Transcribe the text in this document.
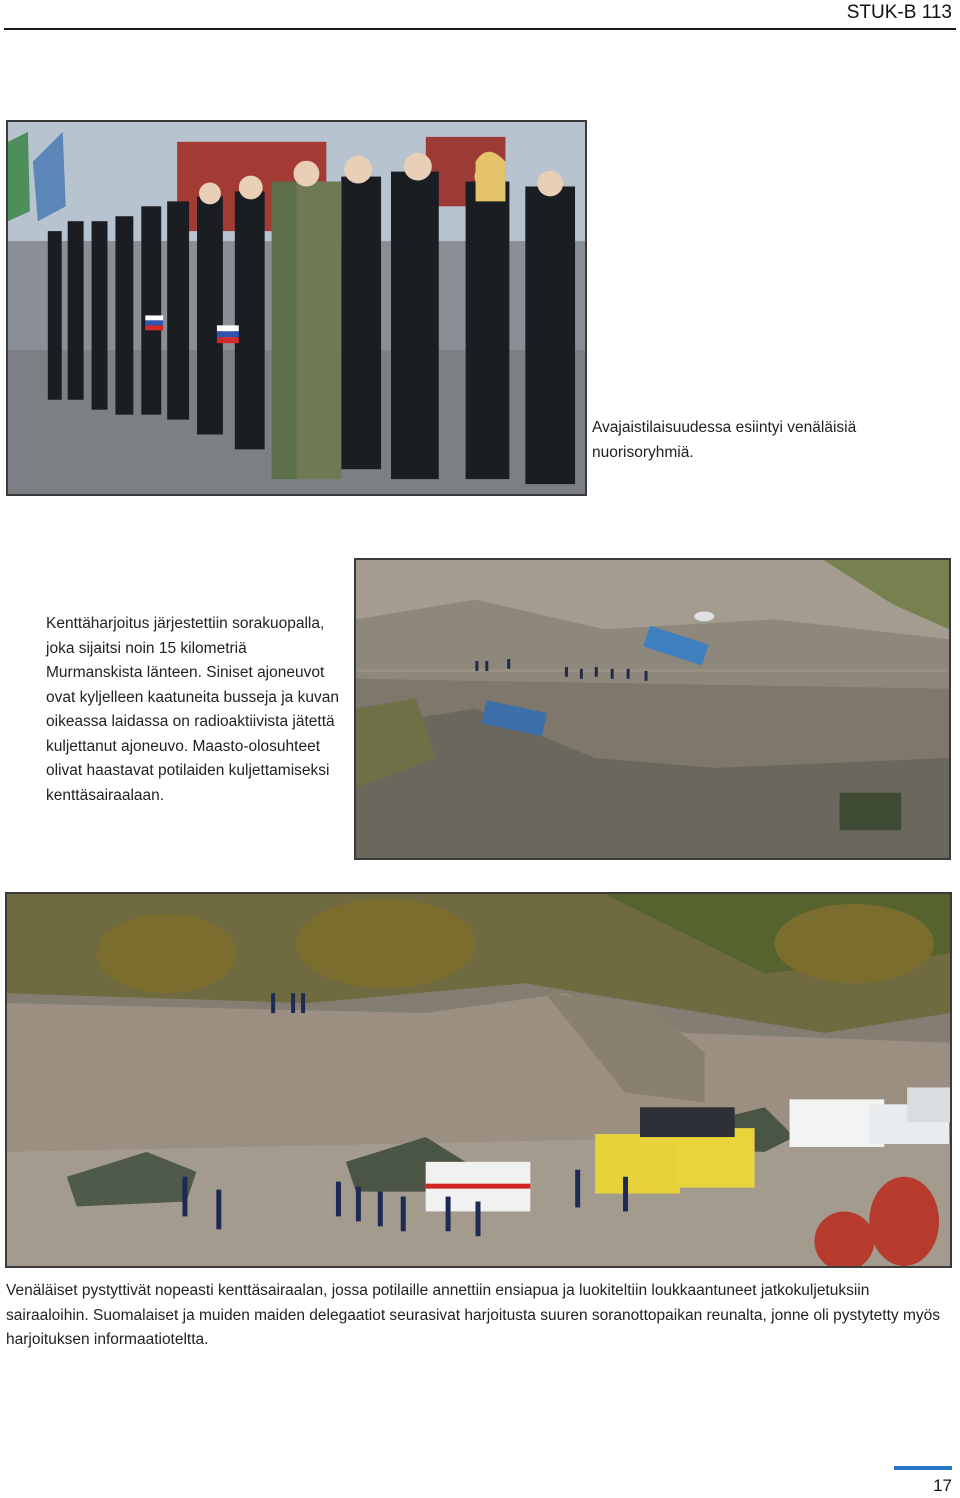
STUK-B 113
Avajaistilaisuudessa esiintyi venäläisiä nuorisoryhmiä.
Kenttäharjoitus järjestettiin sorakuopalla, joka sijaitsi noin 15 kilometriä Murmanskista länteen. Siniset ajoneuvot ovat kyljelleen kaatuneita busseja ja kuvan oikeassa laidassa on radioaktiivista jätettä kuljettanut ajoneuvo. Maasto-olosuhteet olivat haastavat potilaiden kuljettamiseksi kenttäsairaalaan.
Venäläiset pystyttivät nopeasti kenttäsairaalan, jossa potilaille annettiin ensiapua ja luokiteltiin loukkaantuneet jatkokuljetuksiin sairaaloihin. Suomalaiset ja muiden maiden delegaatiot seurasivat harjoitusta suuren soranottopaikan reunalta, jonne oli pystytetty myös harjoituksen informaatioteltta.
17
